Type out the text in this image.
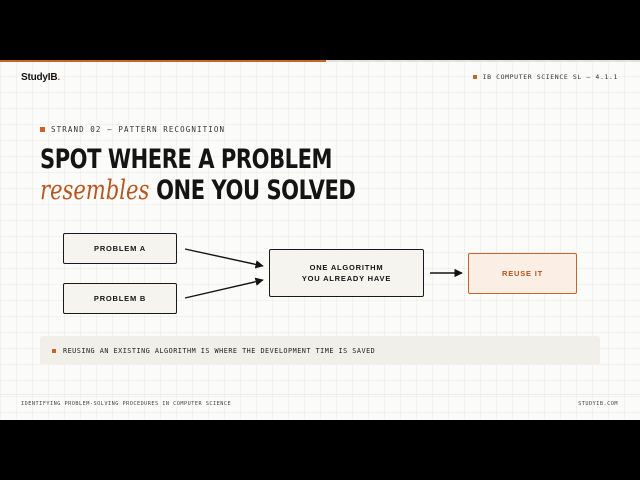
StudyIB.	IB COMPUTER SCIENCE SL — 4.1.1
STRAND 02 — PATTERN RECOGNITION
SPOT WHERE A PROBLEM resembles ONE YOU SOLVED
PROBLEM A
PROBLEM B
ONE ALGORITHM
YOU ALREADY HAVE
REUSE IT
REUSING AN EXISTING ALGORITHM IS WHERE THE DEVELOPMENT TIME IS SAVED
IDENTIFYING PROBLEM-SOLVING PROCEDURES IN COMPUTER SCIENCE	STUDYIB.COM
